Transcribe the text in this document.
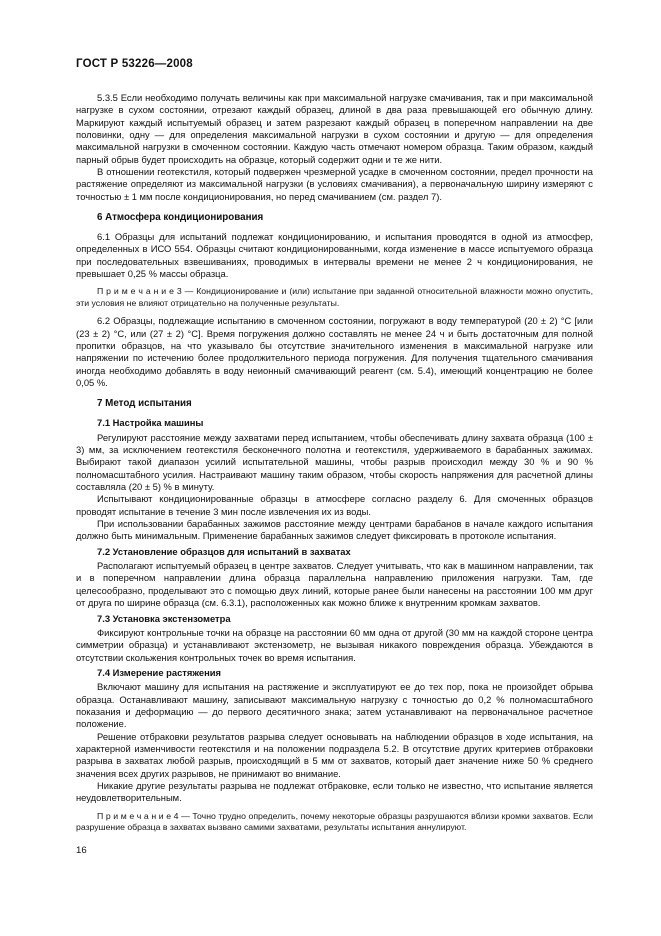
ГОСТ Р 53226—2008

5.3.5 Если необходимо получать величины как при максимальной нагрузке смачивания, так и при максимальной нагрузке в сухом состоянии, отрезают каждый образец, длиной в два раза превышающей его обычную длину. Маркируют каждый испытуемый образец и затем разрезают каждый образец в поперечном направлении на две половинки, одну — для определения максимальной нагрузки в сухом состоянии и другую — для определения максимальной нагрузки в смоченном состоянии. Каждую часть отмечают номером образца. Таким образом, каждый парный обрыв будет происходить на образце, который содержит одни и те же нити.

В отношении геотекстиля, который подвержен чрезмерной усадке в смоченном состоянии, предел прочности на растяжение определяют из максимальной нагрузки (в условиях смачивания), а первоначальную ширину измеряют с точностью ± 1 мм после кондиционирования, но перед смачиванием (см. раздел 7).

6 Атмосфера кондиционирования

6.1 Образцы для испытаний подлежат кондиционированию, и испытания проводятся в одной из атмосфер, определенных в ИСО 554. Образцы считают кондиционированными, когда изменение в массе испытуемого образца при последовательных взвешиваниях, проводимых в интервалы времени не менее 2 ч кондиционирования, не превышает 0,25 % массы образца.

П р и м е ч а н и е 3 — Кондиционирование и (или) испытание при заданной относительной влажности можно опустить, эти условия не влияют отрицательно на полученные результаты.

6.2 Образцы, подлежащие испытанию в смоченном состоянии, погружают в воду температурой (20 ± 2) °С [или (23 ± 2) °С, или (27 ± 2) °С]. Время погружения должно составлять не менее 24 ч и быть достаточным для полной пропитки образцов, на что указывало бы отсутствие значительного изменения в максимальной нагрузке или напряжении по истечению более продолжительного периода погружения. Для получения тщательного смачивания иногда необходимо добавлять в воду неионный смачивающий реагент (см. 5.4), имеющий концентрацию не более 0,05 %.

7 Метод испытания

7.1 Настройка машины

Регулируют расстояние между захватами перед испытанием, чтобы обеспечивать длину захвата образца (100 ± 3) мм, за исключением геотекстиля бесконечного полотна и геотекстиля, удерживаемого в барабанных зажимах. Выбирают такой диапазон усилий испытательной машины, чтобы разрыв происходил между 30 % и 90 % полномасштабного усилия. Настраивают машину таким образом, чтобы скорость напряжения для расчетной длины составляла (20 ± 5) % в минуту.

Испытывают кондиционированные образцы в атмосфере согласно разделу 6. Для смоченных образцов проводят испытание в течение 3 мин после извлечения их из воды.

При использовании барабанных зажимов расстояние между центрами барабанов в начале каждого испытания должно быть минимальным. Применение барабанных зажимов следует фиксировать в протоколе испытания.

7.2 Установление образцов для испытаний в захватах

Располагают испытуемый образец в центре захватов. Следует учитывать, что как в машинном направлении, так и в поперечном направлении длина образца параллельна направлению приложения нагрузки. Там, где целесообразно, проделывают это с помощью двух линий, которые ранее были нанесены на расстоянии 100 мм друг от друга по ширине образца (см. 6.3.1), расположенных как можно ближе к внутренним кромкам захватов.

7.3 Установка экстензометра

Фиксируют контрольные точки на образце на расстоянии 60 мм одна от другой (30 мм на каждой стороне центра симметрии образца) и устанавливают экстензометр, не вызывая никакого повреждения образца. Убеждаются в отсутствии скольжения контрольных точек во время испытания.

7.4 Измерение растяжения

Включают машину для испытания на растяжение и эксплуатируют ее до тех пор, пока не произойдет обрыва образца. Останавливают машину, записывают максимальную нагрузку с точностью до 0,2 % полномасштабного показания и деформацию — до первого десятичного знака; затем устанавливают на первоначальное расчетное положение.

Решение отбраковки результатов разрыва следует основывать на наблюдении образцов в ходе испытания, на характерной изменчивости геотекстиля и на положении подраздела 5.2. В отсутствие других критериев отбраковки разрыва в захватах любой разрыв, происходящий в 5 мм от захватов, который дает значение ниже 50 % среднего значения всех других разрывов, не принимают во внимание.

Никакие другие результаты разрыва не подлежат отбраковке, если только не известно, что испытание является неудовлетворительным.

П р и м е ч а н и е 4 — Точно трудно определить, почему некоторые образцы разрушаются вблизи кромки захватов. Если разрушение образца в захватах вызвано самими захватами, результаты испытания аннулируют.

16
